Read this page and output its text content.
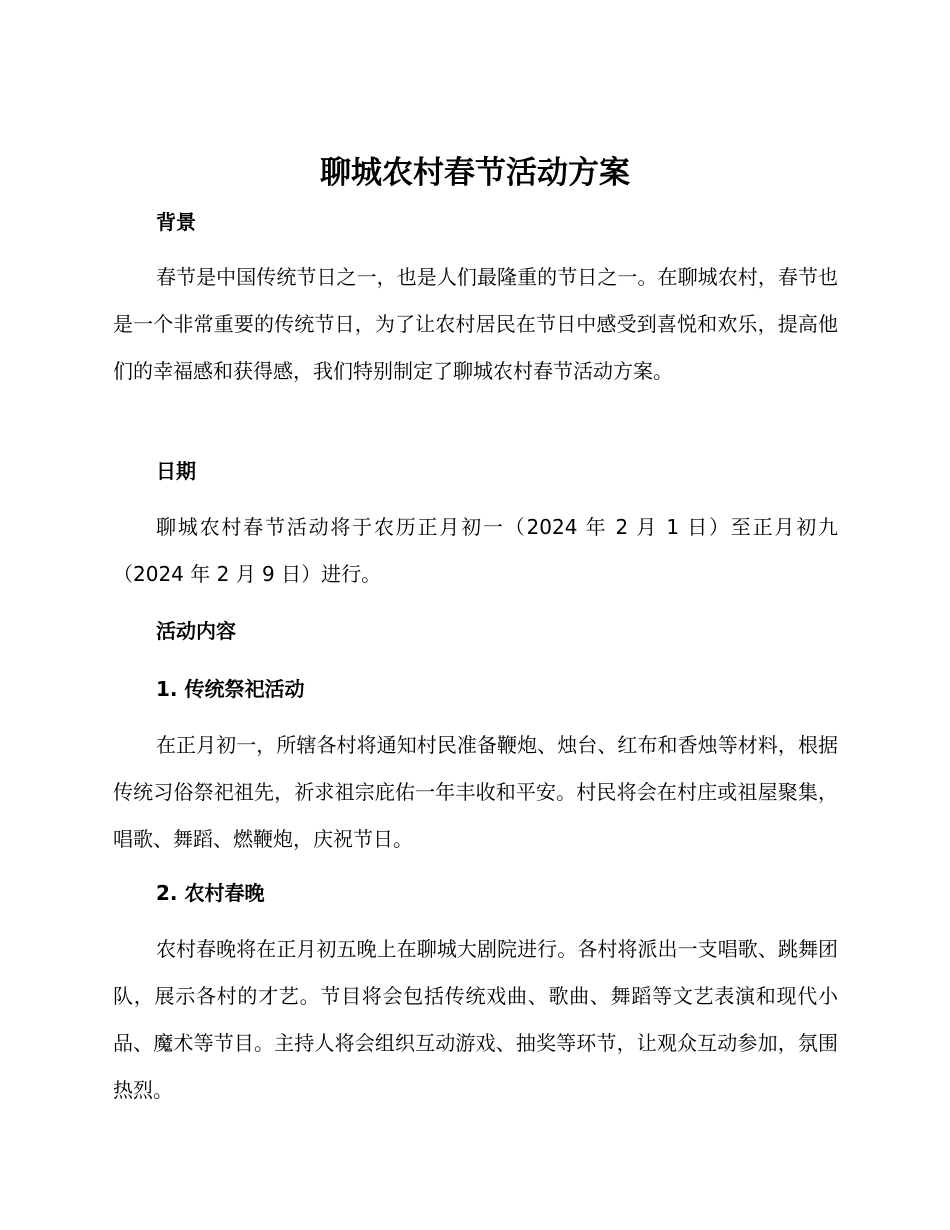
聊城农村春节活动方案
背景

春节是中国传统节日之一，也是人们最隆重的节日之一。在聊城农村，春节也是一个非常重要的传统节日，为了让农村居民在节日中感受到喜悦和欢乐，提高他们的幸福感和获得感，我们特别制定了聊城农村春节活动方案。

日期

聊城农村春节活动将于农历正月初一（2024 年 2 月 1 日）至正月初九（2024 年 2 月 9 日）进行。

活动内容
1. 传统祭祀活动

在正月初一，所辖各村将通知村民准备鞭炮、烛台、红布和香烛等材料，根据传统习俗祭祀祖先，祈求祖宗庇佑一年丰收和平安。村民将会在村庄或祖屋聚集，唱歌、舞蹈、燃鞭炮，庆祝节日。

2. 农村春晚

农村春晚将在正月初五晚上在聊城大剧院进行。各村将派出一支唱歌、跳舞团队，展示各村的才艺。节目将会包括传统戏曲、歌曲、舞蹈等文艺表演和现代小品、魔术等节目。主持人将会组织互动游戏、抽奖等环节，让观众互动参加，氛围热烈。
